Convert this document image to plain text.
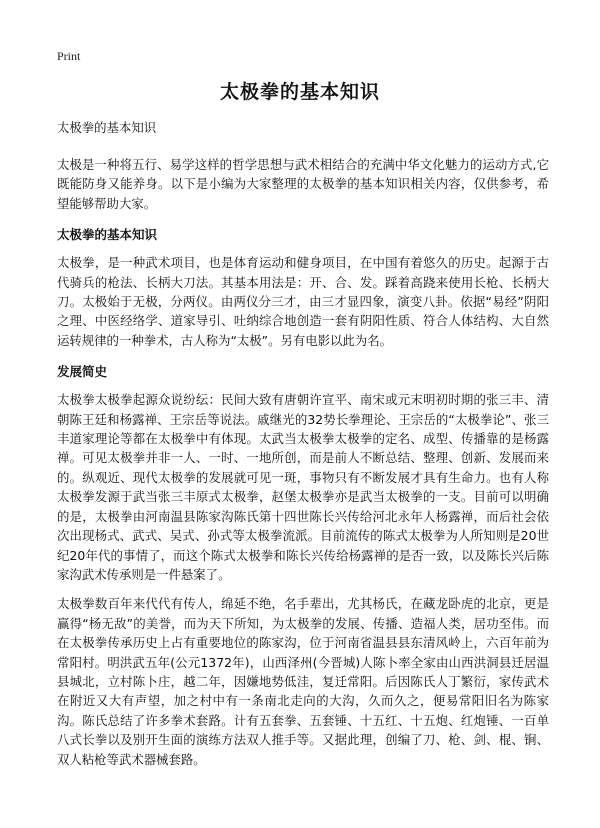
Print
太极拳的基本知识
太极拳的基本知识

太极是一种将五行、易学这样的哲学思想与武术相结合的充满中华文化魅力的运动方式,它既能防身又能养身。以下是小编为大家整理的太极拳的基本知识相关内容，仅供参考，希望能够帮助大家。

太极拳的基本知识

太极拳，是一种武术项目，也是体育运动和健身项目，在中国有着悠久的历史。起源于古代骑兵的枪法、长柄大刀法。其基本用法是：开、合、发。踩着高跷来使用长枪、长柄大刀。太极始于无极，分两仪。由两仪分三才，由三才显四象，演变八卦。依据“易经”阴阳之理、中医经络学、道家导引、吐纳综合地创造一套有阴阳性质、符合人体结构、大自然运转规律的一种拳术，古人称为“太极”。另有电影以此为名。

发展简史

太极拳太极拳起源众说纷纭：民间大致有唐朝许宣平、南宋或元末明初时期的张三丰、清朝陈王廷和杨露禅、王宗岳等说法。戚继光的32势长拳理论、王宗岳的“太极拳论”、张三丰道家理论等都在太极拳中有体现。太武当太极拳太极拳的定名、成型、传播靠的是杨露禅。可见太极拳并非一人、一时、一地所创，而是前人不断总结、整理、创新、发展而来的。纵观近、现代太极拳的发展就可见一斑，事物只有不断发展才具有生命力。也有人称太极拳发源于武当张三丰原式太极拳，赵堡太极拳亦是武当太极拳的一支。目前可以明确的是，太极拳由河南温县陈家沟陈氏第十四世陈长兴传给河北永年人杨露禅，而后社会依次出现杨式、武式、吴式、孙式等太极拳流派。目前流传的陈式太极拳为人所知则是20世纪20年代的事情了，而这个陈式太极拳和陈长兴传给杨露禅的是否一致，以及陈长兴后陈家沟武术传承则是一件悬案了。

太极拳数百年来代代有传人，绵延不绝，名手辈出，尤其杨氏，在藏龙卧虎的北京，更是赢得“杨无敌”的美誉，而为天下所知，为太极拳的发展、传播、造福人类，居功至伟。而在太极拳传承历史上占有重要地位的陈家沟，位于河南省温县县东清风岭上，六百年前为常阳村。明洪武五年(公元1372年)，山西泽州(今晋城)人陈卜率全家由山西洪洞县迁居温县城北，立村陈卜庄，越二年，因嫌地势低洼，复迁常阳。后因陈氏人丁繁衍，家传武术在附近又大有声望，加之村中有一条南北走向的大沟，久而久之，便易常阳旧名为陈家沟。陈氏总结了许多拳术套路。计有五套拳、五套锤、十五红、十五炮、红炮锤、一百单八式长拳以及别开生面的演练方法双人推手等。又据此理，创编了刀、枪、剑、棍、锏、双人粘枪等武术器械套路。
